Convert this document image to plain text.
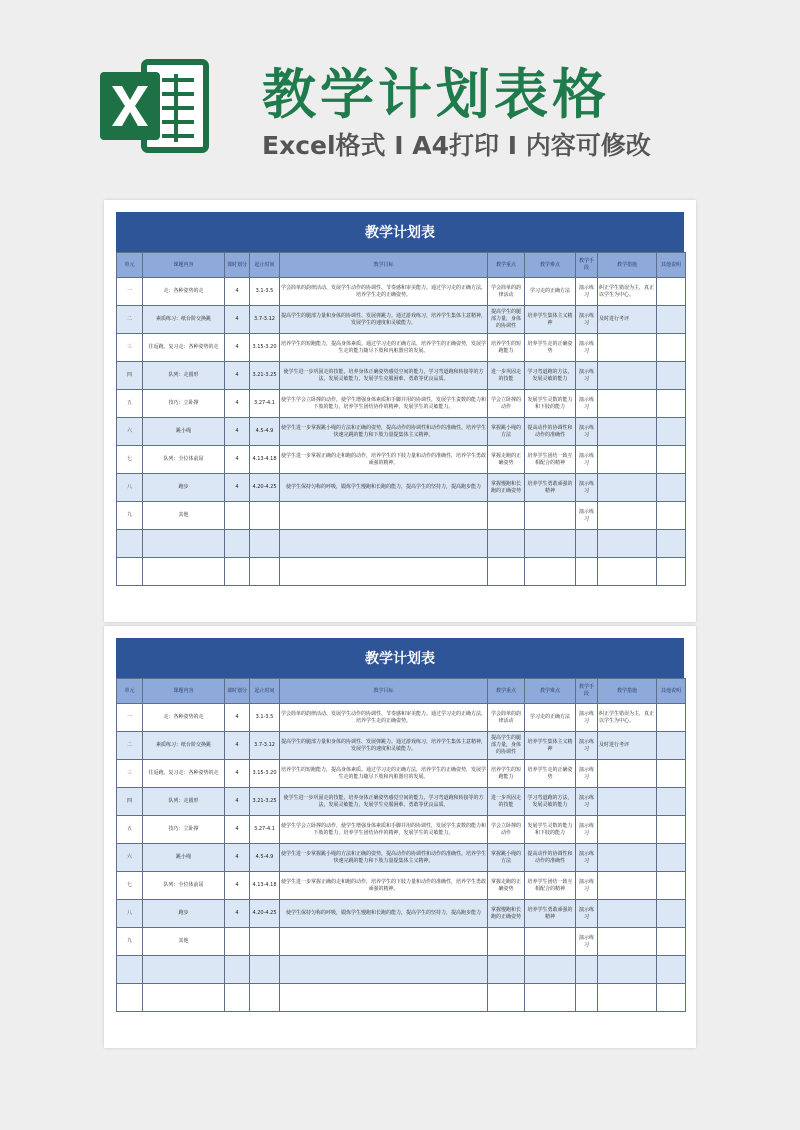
教学计划表格
Excel格式 I A4打印 I 内容可修改
教学计划表
单元	课题内容	课时划分	起止时间	教学目标	教学重点	教学难点	教学手段	教学措施	其他说明
一	走：各种姿势的走	4	3.1-3.5	学会简单的韵律活动、发展学生动作的协调性、节奏感和审美能力。通过学习走的正确方法，培养学生走的正确姿势。	学会简单的韵律活动	学习走的正确方法	演示练习	纠正学生错误为主，真正以学生为中心。	
二	素质练习：纸台阶交换跳	4	3.7-3.12	提高学生的腿部力量和身体的协调性、发展弹跳力。通过游戏练习，培养学生集体主意精神，发展学生的速度和灵敏能力。	提高学生的腿部力量，身体的协调性	培养学生集体主义精神	演示练习	及时进行考评	
三	往返跑、复习走：各种姿势的走	4	3.15-3.20	培养学生的短跑能力，提高身体素质。通过学习走的正确方法，培养学生的正确姿势，发展学生走的能力随尽下肢和内脏器官的发展。	培养学生的短跑能力	培养学生走的正确姿势	演示练习		
四	队列：走圆形	4	3.21-3.25	使学生进一步巩固走的技能，培养身体正确姿势感觉空间的能力，学习弯道跑和转接等的方法，发展灵敏能力，发展学生克服困难、勇敢等优良品质。	进一步巩固走的技能	学习弯道跑的方法，发展灵敏的能力	演示练习		
五	技巧：立卧撑	4	3.27-4.1	使学生学会立卧撑的动作，使学生增强身体素质和手脚并用的协调性，发展学生责数的能力和下肢的能力，培养学生团结协作的精神，发展学生的灵敏能力。	学会立卧撑的动作	发展学生灵数的能力和下肢的能力	演示练习		
六	跳小绳	4	4.5-4.9	使学生进一步掌握跳小绳的方法和正确的姿势，提高动作的协调性和动作的准确性。培养学生快速完跳的能力和下肢力量提集体主义精神。	掌握跳小绳的方法	提高动作的协调性和动作的准确性	演示练习		
七	队列：全位体前屈	4	4.13-4.18	使学生进一步掌握正确的走和跑的动作，培养学生的下肢力量和动作的准确性，培养学生勇敢顽强的精神。	掌握走跑的正确姿势	培养学生团结一致互相配合的精神	演示练习		
八	跑步	4	4.20-4.25	使学生保持匀称的呼吸，锻炼学生慢跑和长跑的能力，提高学生的坚持力，提高跑步能力	掌握慢跑和长跑的正确姿势	培养学生勇敢顽强的精神	演示练习		
九	其他						演示练习		

教学计划表
单元	课题内容	课时划分	起止时间	教学目标	教学重点	教学难点	教学手段	教学措施	其他说明
一	走：各种姿势的走	4	3.1-3.5	学会简单的韵律活动、发展学生动作的协调性、节奏感和审美能力。通过学习走的正确方法，培养学生走的正确姿势。	学会简单的韵律活动	学习走的正确方法	演示练习	纠正学生错误为主，真正以学生为中心。	
二	素质练习：纸台阶交换跳	4	3.7-3.12	提高学生的腿部力量和身体的协调性、发展弹跳力。通过游戏练习，培养学生集体主意精神，发展学生的速度和灵敏能力。	提高学生的腿部力量，身体的协调性	培养学生集体主义精神	演示练习	及时进行考评	
三	往返跑、复习走：各种姿势的走	4	3.15-3.20	培养学生的短跑能力，提高身体素质。通过学习走的正确方法，培养学生的正确姿势，发展学生走的能力随尽下肢和内脏器官的发展。	培养学生的短跑能力	培养学生走的正确姿势	演示练习		
四	队列：走圆形	4	3.21-3.25	使学生进一步巩固走的技能，培养身体正确姿势感觉空间的能力，学习弯道跑和转接等的方法，发展灵敏能力，发展学生克服困难、勇敢等优良品质。	进一步巩固走的技能	学习弯道跑的方法，发展灵敏的能力	演示练习		
五	技巧：立卧撑	4	3.27-4.1	使学生学会立卧撑的动作，使学生增强身体素质和手脚并用的协调性，发展学生责数的能力和下肢的能力，培养学生团结协作的精神，发展学生的灵敏能力。	学会立卧撑的动作	发展学生灵数的能力和下肢的能力	演示练习		
六	跳小绳	4	4.5-4.9	使学生进一步掌握跳小绳的方法和正确的姿势，提高动作的协调性和动作的准确性。培养学生快速完跳的能力和下肢力量提集体主义精神。	掌握跳小绳的方法	提高动作的协调性和动作的准确性	演示练习		
七	队列：全位体前屈	4	4.13-4.18	使学生进一步掌握正确的走和跑的动作，培养学生的下肢力量和动作的准确性，培养学生勇敢顽强的精神。	掌握走跑的正确姿势	培养学生团结一致互相配合的精神	演示练习		
八	跑步	4	4.20-4.25	使学生保持匀称的呼吸，锻炼学生慢跑和长跑的能力，提高学生的坚持力，提高跑步能力	掌握慢跑和长跑的正确姿势	培养学生勇敢顽强的精神	演示练习		
九	其他						演示练习		
